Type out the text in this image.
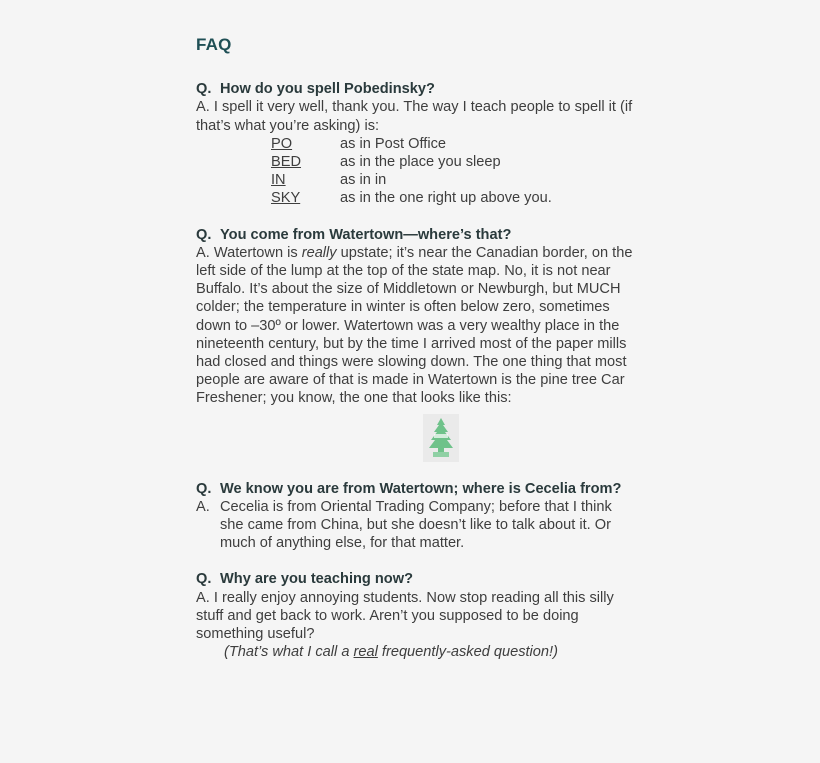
FAQ
Q. How do you spell Pobedinsky?
A. I spell it very well, thank you. The way I teach people to spell it (if that’s what you’re asking) is:
PO	as in Post Office
BED	as in the place you sleep
IN	as in in
SKY	as in the one right up above you.
Q. You come from Watertown—where’s that?
A. Watertown is really upstate; it’s near the Canadian border, on the left side of the lump at the top of the state map. No, it is not near Buffalo. It’s about the size of Middletown or Newburgh, but MUCH colder; the temperature in winter is often below zero, sometimes down to –30º or lower. Watertown was a very wealthy place in the nineteenth century, but by the time I arrived most of the paper mills had closed and things were slowing down. The one thing that most people are aware of that is made in Watertown is the pine tree Car Freshener; you know, the one that looks like this:
Q. We know you are from Watertown; where is Cecelia from?
A. Cecelia is from Oriental Trading Company; before that I think she came from China, but she doesn’t like to talk about it. Or much of anything else, for that matter.
Q. Why are you teaching now?
A. I really enjoy annoying students. Now stop reading all this silly stuff and get back to work. Aren’t you supposed to be doing something useful?
(That’s what I call a real frequently-asked question!)
